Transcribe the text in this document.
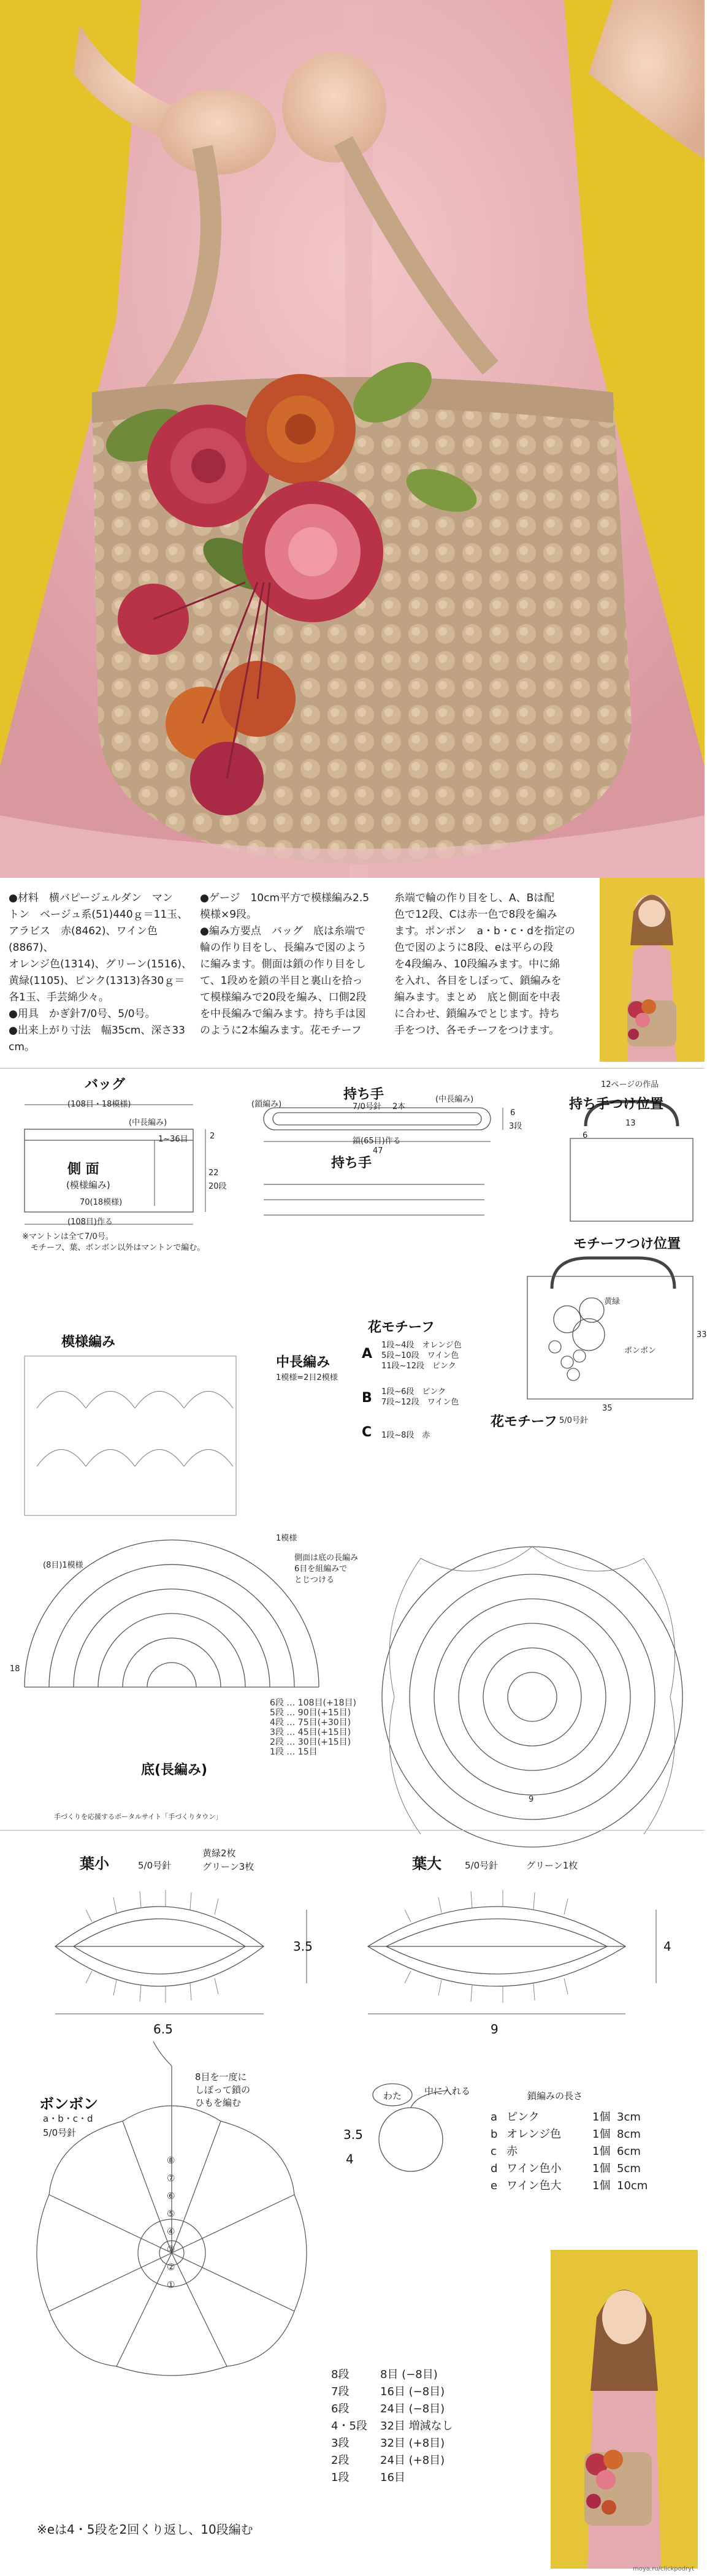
●材料　横バピージェルダン　マン
トン　ベージュ系(51)440ｇ＝11玉、
アラビス　赤(8462)、ワイン色(8867)、
オレンジ色(1314)、グリーン(1516)、
黄緑(1105)、ピンク(1313)各30ｇ＝
各1玉、手芸綿少々。
●用具　かぎ針7/0号、5/0号。
●出来上がり寸法　幅35cm、深さ33
cm。
●ゲージ　10cm平方で模様編み2.5
模様×9段。
●編み方要点　バッグ　底は糸端で
輪の作り目をし、長編みで図のよう
に編みます。側面は鎖の作り目をし
て、1段めを鎖の半目と裏山を拾っ
て模様編みで20段を編み、口側2段
を中長編みで編みます。持ち手は図
のように2本編みます。花モチーフ
糸端で輪の作り目をし、A、Bは配
色で12段、Cは赤一色で8段を編み
ます。ポンポン　a・b・c・dを指定の
色で図のように8段、eは平らの段
を4段編み、10段編みます。中に綿
を入れ、各目をしぼって、鎖編みを
編みます。まとめ　底と側面を中表
に合わせ、鎖編みでとじます。持ち
手をつけ、各モチーフをつけます。
バッグ
(108目・18模様)
(中長編み)
1~36目
側 面
(模様編み)
2
22
20段
70(18模様)
(108目)作る
※マントンは全て7/0号。
モチーフ、葉、ボンボン以外はマントンで編む。
持ち手
7/0号針 2本
(鎖編み)
(中長編み)
鎖(65目)作る
47
6
3段
12ページの作品
持ち手つけ位置
13
6
持ち手
モチーフつけ位置
黄緑
ボンボン
33
35
模様編み
中長編み
1模様=2目2模様
1模様
側面は底の長編み
6目を組編みで
とじつける
(8目)1模様
底(長編み)
18
6段 … 108目(+18目)
5段 … 90目(+15目)
4段 … 75目(+30目)
3段 … 45目(+15目)
2段 … 30目(+15目)
1段 … 15目
花モチーフ
A
1段~4段　オレンジ色
5段~10段　ワイン色
11段~12段　ピンク
B 1段~6段　ピンク
7段~12段　ワイン色
C 1段~8段　赤
花モチーフ 5/0号針
9
手づくりを応援するポータルサイト「手づくりタウン」
葉小	5/0号針
黄緑2枚
グリーン3枚
6.5
3.5
葉大	5/0号針	グリーン1枚
9
4
ボンボン
a・b・c・d
5/0号針
8目を一度に
しぼって鎖の
ひもを編む
⑧
⑦
⑥
⑤
④
③
②
①
わた 中に入れる
3.5
4
鎖編みの長さ
a ピンク	1個 3cm
b オレンジ色	1個 8cm
c 赤	1個 6cm
d ワイン色小	1個 5cm
e ワイン色大	1個 10cm
8段	8目 (−8目)
7段	16目 (−8目)
6段	24目 (−8目)
4・5段 32目 増減なし
3段	32目 (+8目)
2段	24目 (+8目)
1段	16目
※eは4・5段を2回くり返し、10段編む
moya.ru/clickpodryt
